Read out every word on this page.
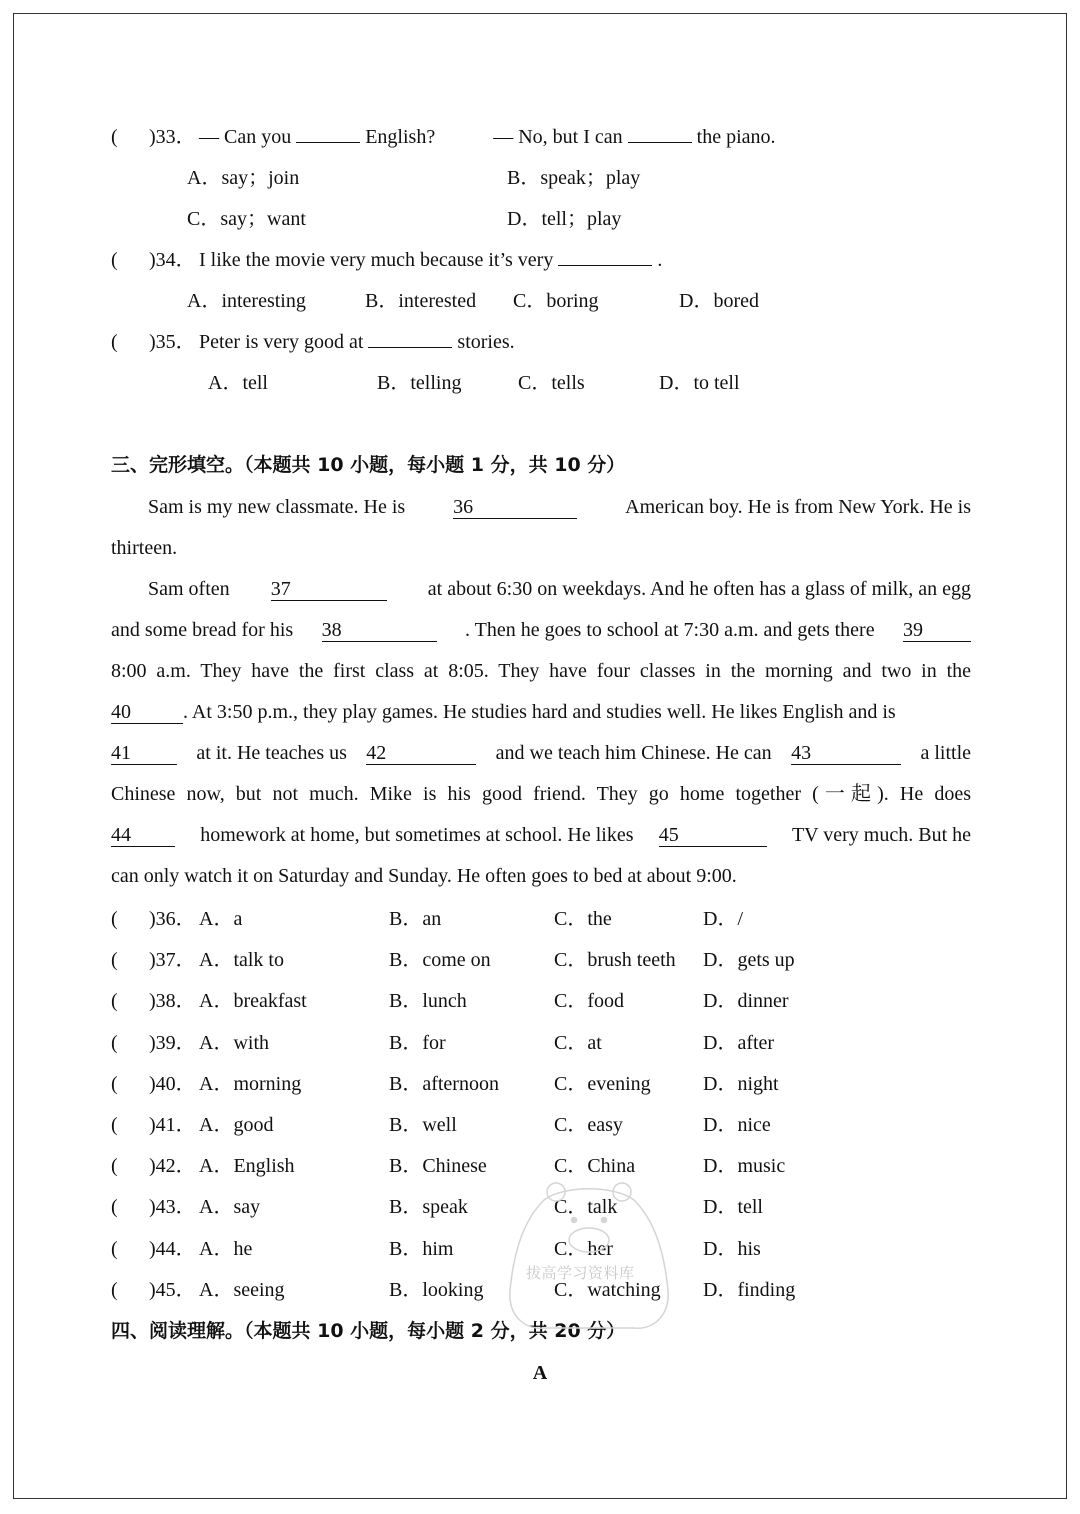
( )33． — Can you	English?	— No, but I can	the piano.
A．say；join	B．speak；play
C．say；want	D．tell；play
( )34． I like the movie very much because it’s very	.
A．interesting	B．interested C．boring	D．bored
( )35． Peter is very good at	stories.
A．tell	B．telling	C．tells	D．to tell
三、完形填空。（本题共 10 小题，每小题 1 分，共 10 分）
Sam is my new classmate. He is 36	American boy. He is from New York. He is
thirteen.
Sam often 37	at about 6:30 on weekdays. And he often has a glass of milk, an egg
and some bread for his 38	. Then he goes to school at 7:30 a.m. and gets there 39
8:00 a.m. They have the first class at 8:05. They have four classes in the morning and two in the
40	. At 3:50 p.m., they play games. He studies hard and studies well. He likes English and is
41	at it. He teaches us 42	and we teach him Chinese. He can 43	a little
Chinese now, but not much. Mike is his good friend. They go home together (一起). He does
44	homework at home, but sometimes at school. He likes 45	TV very much. But he
can only watch it on Saturday and Sunday. He often goes to bed at about 9:00.
( )36． A．a	B．an	C．the	D．/
( )37． A．talk to	B．come on	C．brush teeth D．gets up
( )38． A．breakfast	B．lunch	C．food	D．dinner
( )39． A．with	B．for	C．at	D．after
( )40． A．morning	B．afternoon	C．evening	D．night
( )41． A．good	B．well	C．easy	D．nice
( )42． A．English	B．Chinese	C．China	D．music
( )43． A．say	B．speak	C．talk	D．tell
( )44． A．he	B．him	C．her	D．his
( )45． A．seeing	B．looking	C．watching D．finding
四、阅读理解。（本题共 10 小题，每小题 2 分，共 20 分）
A
拔高学习资料库
